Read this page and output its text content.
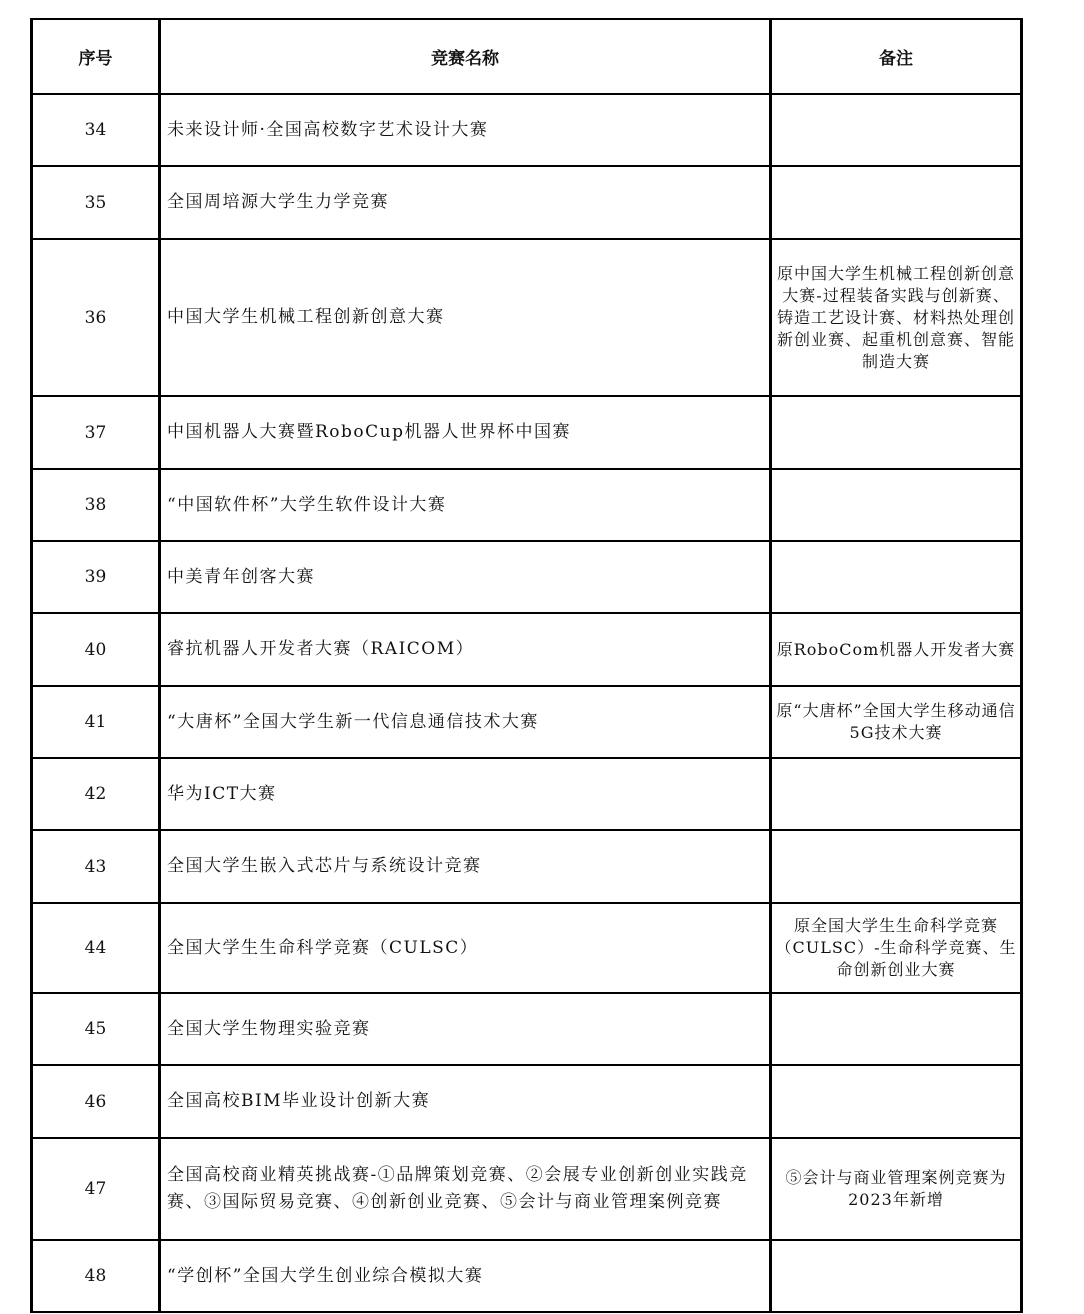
序号	竞赛名称	备注
34	未来设计师·全国高校数字艺术设计大赛	
35	全国周培源大学生力学竞赛	
36	中国大学生机械工程创新创意大赛	原中国大学生机械工程创新创意大赛-过程装备实践与创新赛、铸造工艺设计赛、材料热处理创新创业赛、起重机创意赛、智能制造大赛
37	中国机器人大赛暨RoboCup机器人世界杯中国赛	
38	“中国软件杯”大学生软件设计大赛	
39	中美青年创客大赛	
40	睿抗机器人开发者大赛（RAICOM）	原RoboCom机器人开发者大赛
41	“大唐杯”全国大学生新一代信息通信技术大赛	原“大唐杯”全国大学生移动通信5G技术大赛
42	华为ICT大赛	
43	全国大学生嵌入式芯片与系统设计竞赛	
44	全国大学生生命科学竞赛（CULSC）	原全国大学生生命科学竞赛（CULSC）-生命科学竞赛、生命创新创业大赛
45	全国大学生物理实验竞赛	
46	全国高校BIM毕业设计创新大赛	
47	全国高校商业精英挑战赛-①品牌策划竞赛、②会展专业创新创业实践竞赛、③国际贸易竞赛、④创新创业竞赛、⑤会计与商业管理案例竞赛	⑤会计与商业管理案例竞赛为2023年新增
48	“学创杯”全国大学生创业综合模拟大赛	
